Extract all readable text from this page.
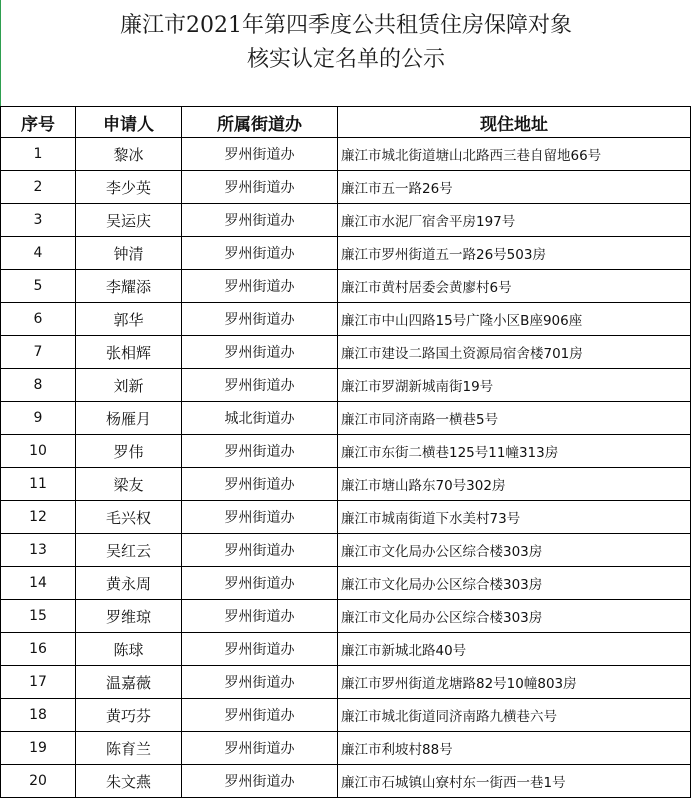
廉江市2021年第四季度公共租赁住房保障对象
核实认定名单的公示
序号	申请人	所属街道办	现住地址
1	黎冰	罗州街道办	廉江市城北街道塘山北路西三巷自留地66号
2	李少英	罗州街道办	廉江市五一路26号
3	吴运庆	罗州街道办	廉江市水泥厂宿舍平房197号
4	钟清	罗州街道办	廉江市罗州街道五一路26号503房
5	李耀添	罗州街道办	廉江市黄村居委会黄廖村6号
6	郭华	罗州街道办	廉江市中山四路15号广隆小区B座906座
7	张相辉	罗州街道办	廉江市建设二路国土资源局宿舍楼701房
8	刘新	罗州街道办	廉江市罗湖新城南街19号
9	杨雁月	城北街道办	廉江市同济南路一横巷5号
10	罗伟	罗州街道办	廉江市东街二横巷125号11幢313房
11	梁友	罗州街道办	廉江市塘山路东70号302房
12	毛兴权	罗州街道办	廉江市城南街道下水美村73号
13	吴红云	罗州街道办	廉江市文化局办公区综合楼303房
14	黄永周	罗州街道办	廉江市文化局办公区综合楼303房
15	罗维琼	罗州街道办	廉江市文化局办公区综合楼303房
16	陈球	罗州街道办	廉江市新城北路40号
17	温嘉薇	罗州街道办	廉江市罗州街道龙塘路82号10幢803房
18	黄巧芬	罗州街道办	廉江市城北街道同济南路九横巷六号
19	陈育兰	罗州街道办	廉江市利坡村88号
20	朱文燕	罗州街道办	廉江市石城镇山寮村东一街西一巷1号
